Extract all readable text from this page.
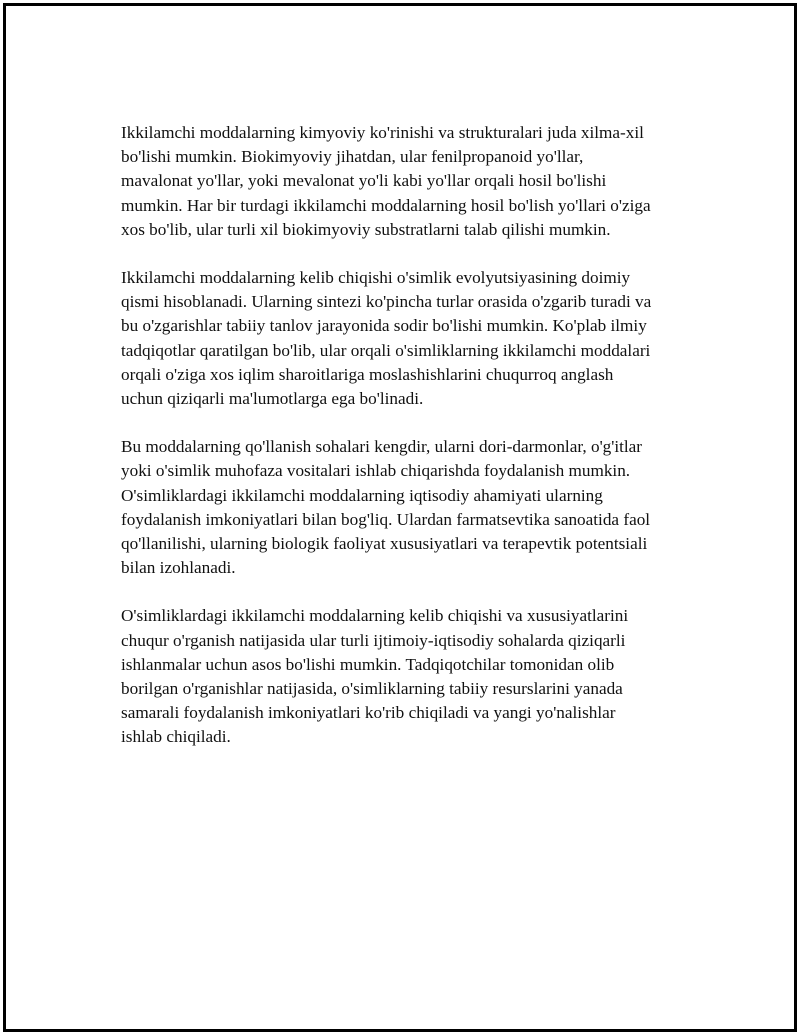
Ikkilamchi moddalarning kimyoviy ko'rinishi va strukturalari juda xilma-xil
bo'lishi mumkin. Biokimyoviy jihatdan, ular fenilpropanoid yo'llar,
mavalonat yo'llar, yoki mevalonat yo'li kabi yo'llar orqali hosil bo'lishi
mumkin. Har bir turdagi ikkilamchi moddalarning hosil bo'lish yo'llari o'ziga
xos bo'lib, ular turli xil biokimyoviy substratlarni talab qilishi mumkin.

Ikkilamchi moddalarning kelib chiqishi o'simlik evolyutsiyasining doimiy
qismi hisoblanadi. Ularning sintezi ko'pincha turlar orasida o'zgarib turadi va
bu o'zgarishlar tabiiy tanlov jarayonida sodir bo'lishi mumkin. Ko'plab ilmiy
tadqiqotlar qaratilgan bo'lib, ular orqali o'simliklarning ikkilamchi moddalari
orqali o'ziga xos iqlim sharoitlariga moslashishlarini chuqurroq anglash
uchun qiziqarli ma'lumotlarga ega bo'linadi.

Bu moddalarning qo'llanish sohalari kengdir, ularni dori-darmonlar, o'g'itlar
yoki o'simlik muhofaza vositalari ishlab chiqarishda foydalanish mumkin.
O'simliklardagi ikkilamchi moddalarning iqtisodiy ahamiyati ularning
foydalanish imkoniyatlari bilan bog'liq. Ulardan farmatsevtika sanoatida faol
qo'llanilishi, ularning biologik faoliyat xususiyatlari va terapevtik potentsiali
bilan izohlanadi.

O'simliklardagi ikkilamchi moddalarning kelib chiqishi va xususiyatlarini
chuqur o'rganish natijasida ular turli ijtimoiy-iqtisodiy sohalarda qiziqarli
ishlanmalar uchun asos bo'lishi mumkin. Tadqiqotchilar tomonidan olib
borilgan o'rganishlar natijasida, o'simliklarning tabiiy resurslarini yanada
samarali foydalanish imkoniyatlari ko'rib chiqiladi va yangi yo'nalishlar
ishlab chiqiladi.
